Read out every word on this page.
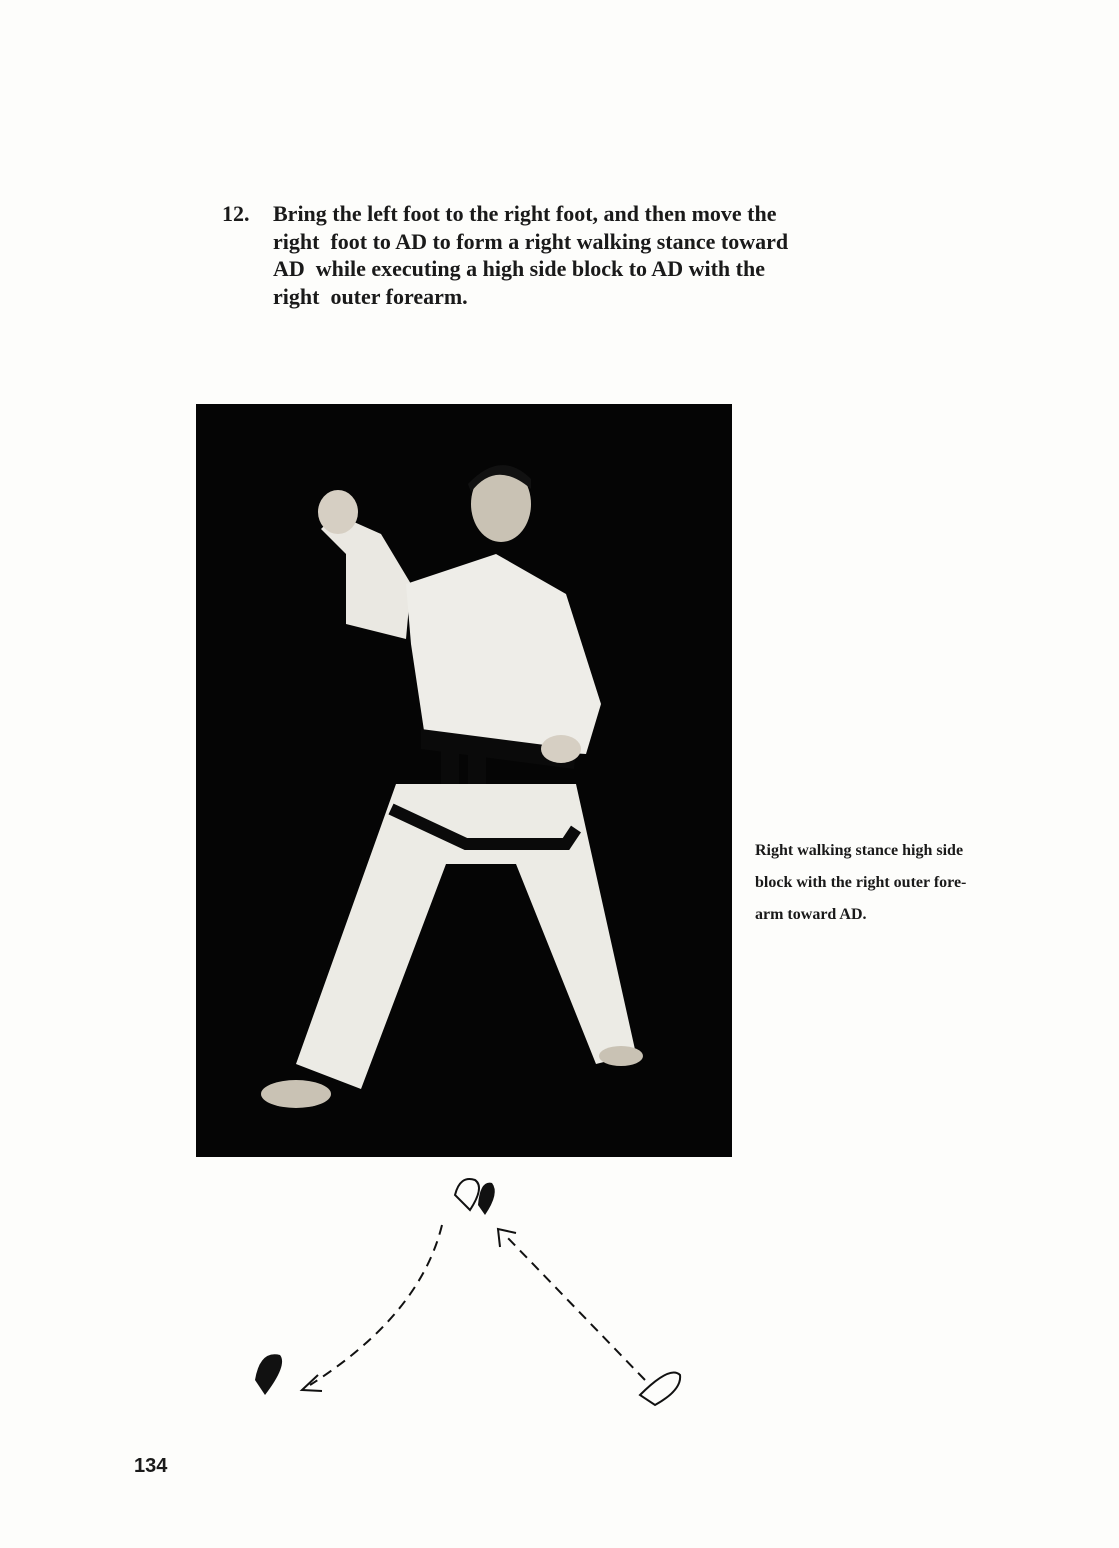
12. Bring the left foot to the right foot, and then move the
right  foot to AD to form a right walking stance toward
AD  while executing a high side block to AD with the
right  outer forearm.
Right walking stance high side
block with the right outer fore-
arm toward AD.
134
